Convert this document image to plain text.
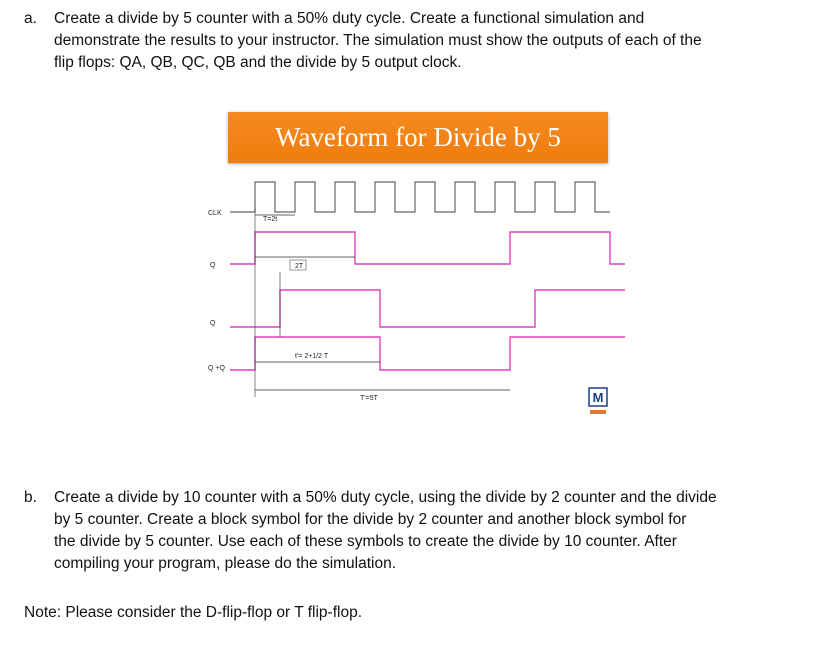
a. Create a divide by 5 counter with a 50% duty cycle. Create a functional simulation and
demonstrate the results to your instructor. The simulation must show the outputs of each of the
flip flops: QA, QB, QC, QB and the divide by 5 output clock.
T=2t
2T
t'= 2+1/2 T
T'=5T
CLK
Q
Q
Q +Q
Waveform for Divide by 5
M
b. Create a divide by 10 counter with a 50% duty cycle, using the divide by 2 counter and the divide
by 5 counter. Create a block symbol for the divide by 2 counter and another block symbol for
the divide by 5 counter. Use each of these symbols to create the divide by 10 counter. After
compiling your program, please do the simulation.
Note: Please consider the D-flip-flop or T flip-flop.
